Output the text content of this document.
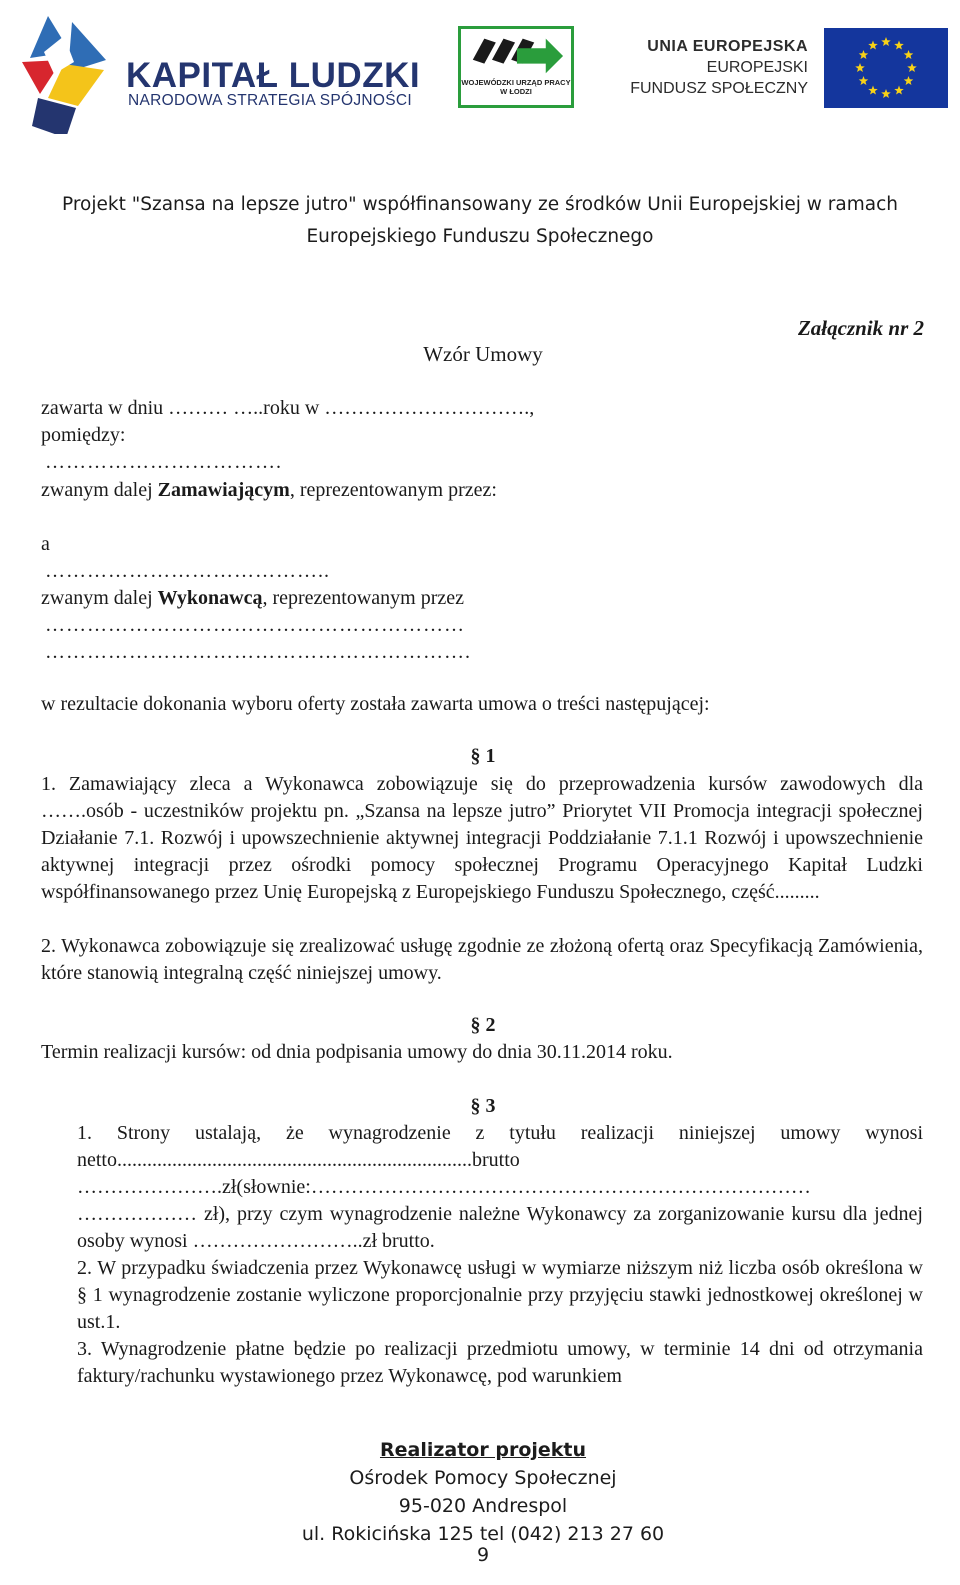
KAPITAŁ LUDZKI
NARODOWA STRATEGIA SPÓJNOŚCI
WOJEWÓDZKI URZĄD PRACY W ŁODZI
UNIA EUROPEJSKA
EUROPEJSKI
FUNDUSZ SPOŁECZNY
Projekt "Szansa na lepsze jutro" współfinansowany ze środków Unii Europejskiej w ramach
Europejskiego Funduszu Społecznego
Załącznik nr 2
Wzór Umowy
zawarta w dniu ……… …..roku w ………………………….,
pomiędzy:
…………………………….
zwanym dalej Zamawiającym, reprezentowanym przez:
a
…………………………………..
zwanym dalej Wykonawcą, reprezentowanym przez
……………………………………………………
…………………………………………………….
w rezultacie dokonania wyboru oferty została zawarta umowa o treści następującej:
§ 1

1. Zamawiający zleca a Wykonawca zobowiązuje się do przeprowadzenia kursów zawodowych dla …….osób - uczestników projektu pn. „Szansa na lepsze jutro” Priorytet VII Promocja integracji społecznej Działanie 7.1. Rozwój i upowszechnienie aktywnej integracji Poddziałanie 7.1.1 Rozwój i upowszechnienie aktywnej integracji przez ośrodki pomocy społecznej Programu Operacyjnego Kapitał Ludzki współfinansowanego przez Unię Europejską z Europejskiego Funduszu Społecznego, część.........

2. Wykonawca zobowiązuje się zrealizować usługę zgodnie ze złożoną ofertą oraz Specyfikacją Zamówienia, które stanowią integralną część niniejszej umowy.

§ 2

Termin realizacji kursów: od dnia podpisania umowy do dnia 30.11.2014 roku.

§ 3

1. Strony ustalają, że wynagrodzenie z tytułu realizacji niniejszej umowy wynosi netto.......................................................................brutto ………………….zł(słownie:………………………………………………………………… ……………… zł), przy czym wynagrodzenie należne Wykonawcy za zorganizowanie kursu dla jednej osoby wynosi ……………………..zł brutto.

2. W przypadku świadczenia przez Wykonawcę usługi w wymiarze niższym niż liczba osób określona w § 1 wynagrodzenie zostanie wyliczone proporcjonalnie przy przyjęciu stawki jednostkowej określonej w ust.1.

3. Wynagrodzenie płatne będzie po realizacji przedmiotu umowy, w terminie 14 dni od otrzymania faktury/rachunku wystawionego przez Wykonawcę, pod warunkiem

Realizator projektu
Ośrodek Pomocy Społecznej
95-020 Andrespol
ul. Rokicińska 125 tel (042) 213 27 60
9
